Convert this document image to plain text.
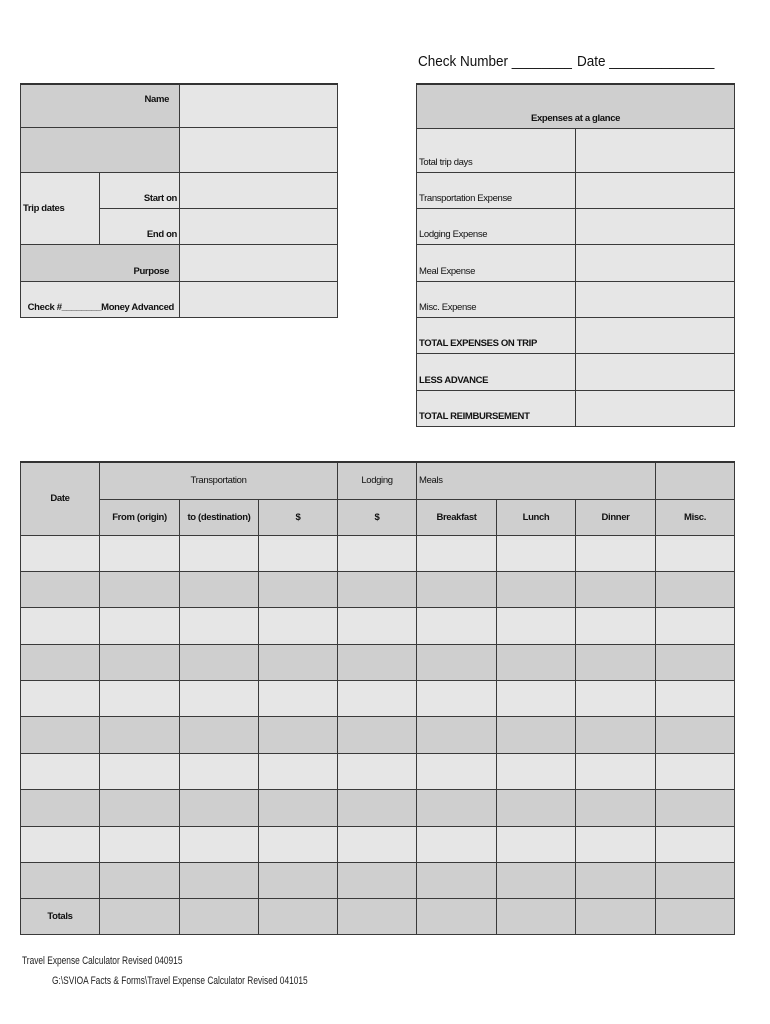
Check Number ________ Date ______________
Name		

Trip dates	Start on	
	End on	
Purpose		
Check #________Money Advanced		
Expenses at a glance	
Total trip days	
Transportation Expense	
Lodging Expense	
Meal Expense	
Misc. Expense	
TOTAL EXPENSES ON TRIP	
LESS ADVANCE	
TOTAL REIMBURSEMENT	
Date	Transportation			Lodging	Meals			
	From (origin)	to (destination)	$	$	Breakfast	Lunch	Dinner	Misc.

Totals								
Travel Expense Calculator Revised 040915
G:\SVIOA Facts & Forms\Travel Expense Calculator Revised 041015
